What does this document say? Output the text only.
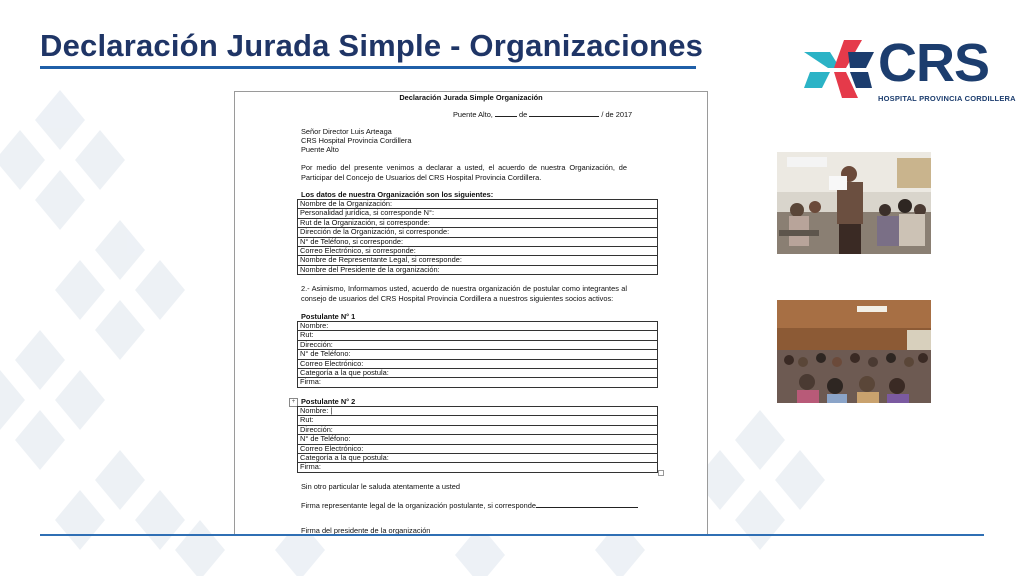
Declaración Jurada Simple - Organizaciones	CRS
HOSPITAL PROVINCIA CORDILLERA
Declaración Jurada Simple Organización
Puente Alto,	de	/ de 2017
Señor Director Luis Arteaga
CRS Hospital Provincia Cordillera
Puente Alto
Por medio del presente venimos a declarar a usted, el acuerdo de nuestra Organización, de Participar del Concejo de Usuarios del CRS Hospital Provincia Cordillera.
Los datos de nuestra Organización son los siguientes:
Nombre de la Organización:
Personalidad jurídica, si corresponde N°:
Rut de la Organización, si corresponde:
Dirección de la Organización, si corresponde:
N° de Teléfono, si corresponde:
Correo Electrónico, si corresponde:
Nombre de Representante Legal, si corresponde:
Nombre del Presidente de la organización:
2.- Asimismo, Informamos usted, acuerdo de nuestra organización de postular como integrantes al consejo de usuarios del CRS Hospital Provincia Cordillera a nuestros siguientes socios activos:
Postulante N° 1
Nombre:
Rut:
Dirección:
N° de Teléfono:
Correo Electrónico:
Categoría a la que postula:
Firma:
+ Postulante N° 2
Nombre: |
Rut:
Dirección:
N° de Teléfono:
Correo Electrónico:
Categoría a la que postula:
Firma:
Sin otro particular le saluda atentamente a usted
Firma representante legal de la organización postulante, si corresponde
Firma del presidente de la organización
